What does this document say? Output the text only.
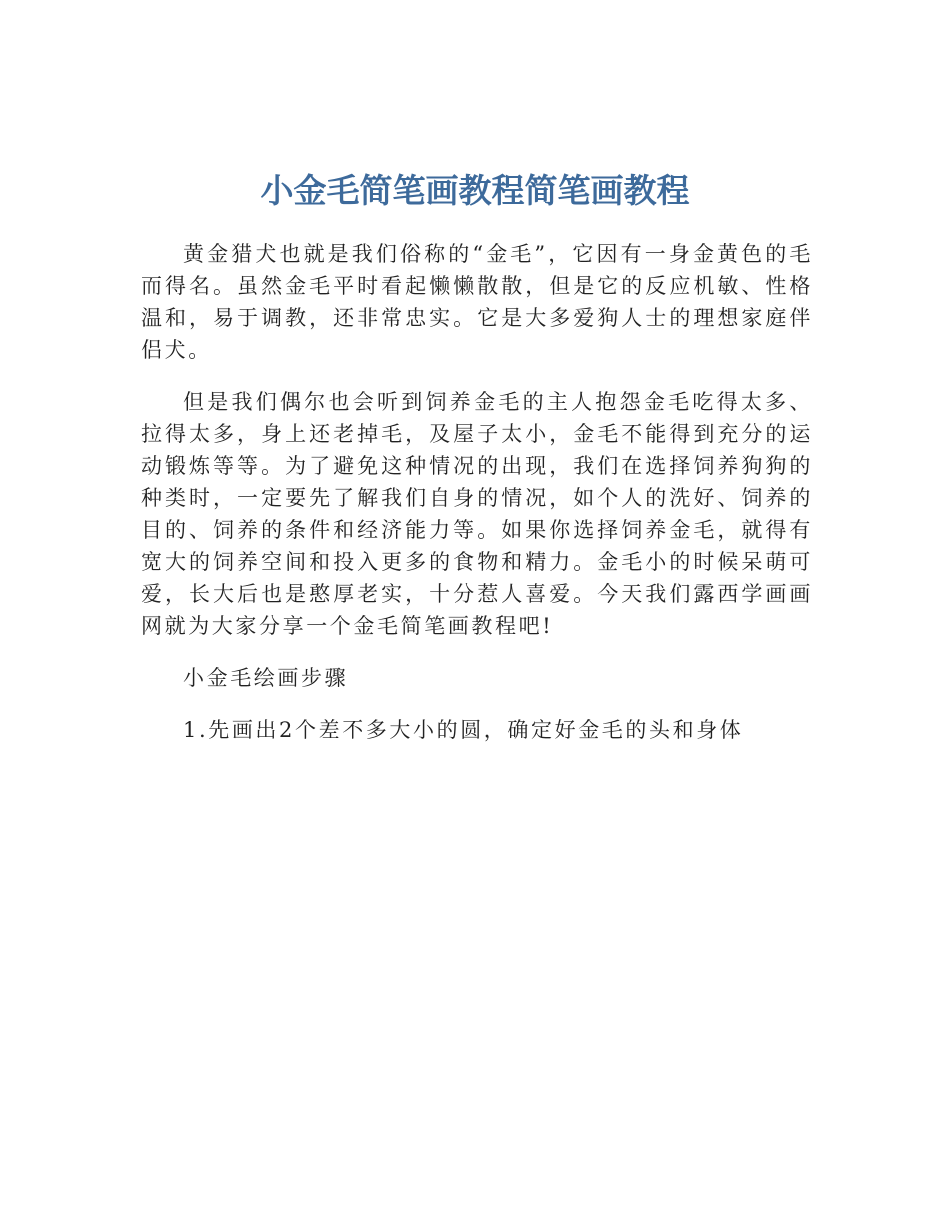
小金毛简笔画教程简笔画教程

黄金猎犬也就是我们俗称的“金毛”，它因有一身金黄色的毛而得名。虽然金毛平时看起懒懒散散，但是它的反应机敏、性格温和，易于调教，还非常忠实。它是大多爱狗人士的理想家庭伴侣犬。

但是我们偶尔也会听到饲养金毛的主人抱怨金毛吃得太多、拉得太多，身上还老掉毛，及屋子太小，金毛不能得到充分的运动锻炼等等。为了避免这种情况的出现，我们在选择饲养狗狗的种类时，一定要先了解我们自身的情况，如个人的洗好、饲养的目的、饲养的条件和经济能力等。如果你选择饲养金毛，就得有宽大的饲养空间和投入更多的食物和精力。金毛小的时候呆萌可爱，长大后也是憨厚老实，十分惹人喜爱。今天我们露西学画画网就为大家分享一个金毛简笔画教程吧!

小金毛绘画步骤

1.先画出2个差不多大小的圆，确定好金毛的头和身体
